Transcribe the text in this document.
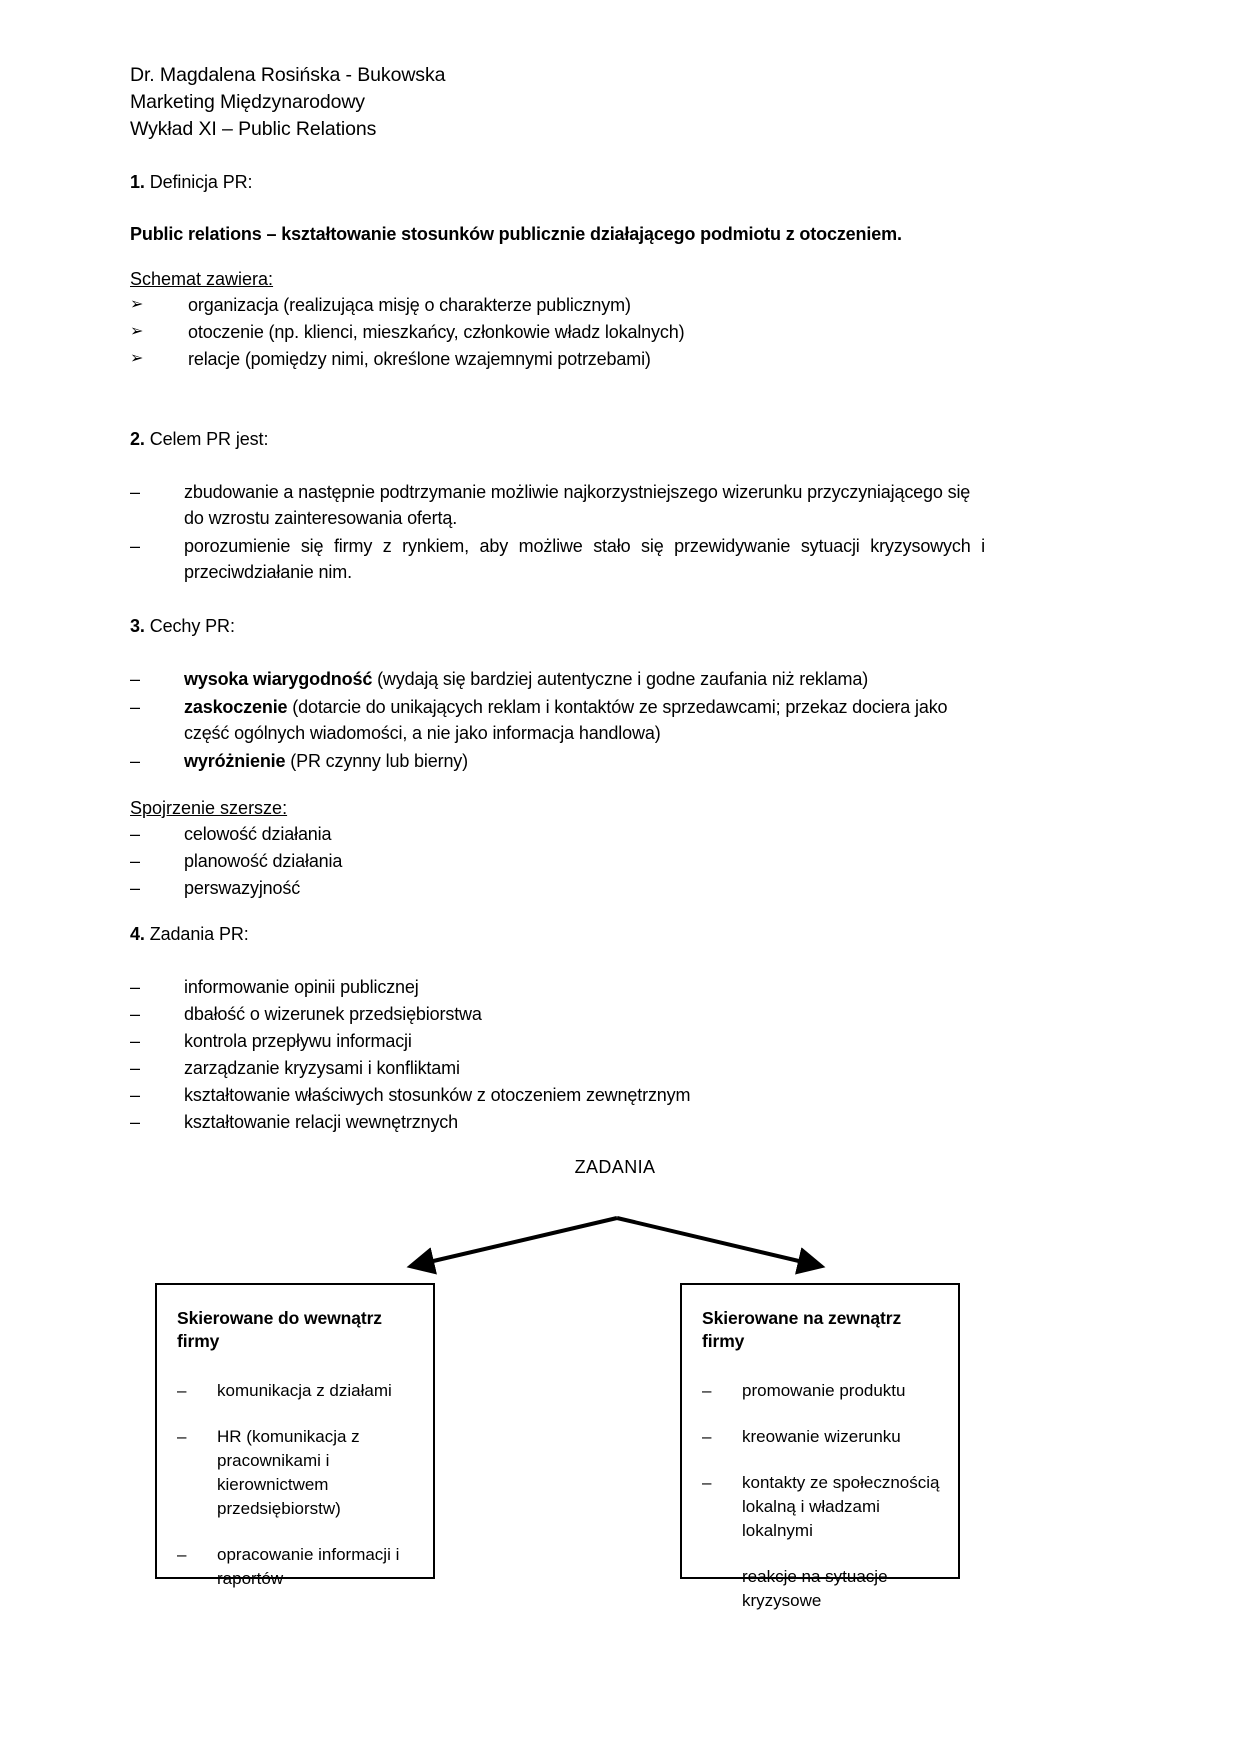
Dr. Magdalena Rosińska - Bukowska
Marketing Międzynarodowy
Wykład XI – Public Relations
1. Definicja PR:
Public relations – kształtowanie stosunków publicznie działającego podmiotu z otoczeniem.
Schemat zawiera:
➢	organizacja (realizująca misję o charakterze publicznym)
➢	otoczenie (np. klienci, mieszkańcy, członkowie władz lokalnych)
➢	relacje (pomiędzy nimi, określone wzajemnymi potrzebami)
2. Celem PR jest:
–	zbudowanie a następnie podtrzymanie możliwie najkorzystniejszego wizerunku przyczyniającego się do wzrostu zainteresowania ofertą.
–	porozumienie się firmy z rynkiem, aby możliwe stało się przewidywanie sytuacji kryzysowych i przeciwdziałanie nim.
3. Cechy PR:
–	wysoka wiarygodność (wydają się bardziej autentyczne i godne zaufania niż reklama)
–	zaskoczenie (dotarcie do unikających reklam i kontaktów ze sprzedawcami; przekaz dociera jako część ogólnych wiadomości, a nie jako informacja handlowa)
–	wyróżnienie (PR czynny lub bierny)
Spojrzenie szersze:
–	celowość działania
–	planowość działania
–	perswazyjność
4. Zadania PR:
–	informowanie opinii publicznej
–	dbałość o wizerunek przedsiębiorstwa
–	kontrola przepływu informacji
–	zarządzanie kryzysami i konfliktami
–	kształtowanie właściwych stosunków z otoczeniem zewnętrznym
–	kształtowanie relacji wewnętrznych
ZADANIA
Skierowane do wewnątrz firmy
–	komunikacja z działami
–	HR (komunikacja z pracownikami i kierownictwem przedsiębiorstw)
–	opracowanie informacji i raportów
Skierowane na zewnątrz firmy
–	promowanie produktu
–	kreowanie wizerunku
–	kontakty ze społecznością lokalną i władzami lokalnymi
–	reakcje na sytuacje kryzysowe
